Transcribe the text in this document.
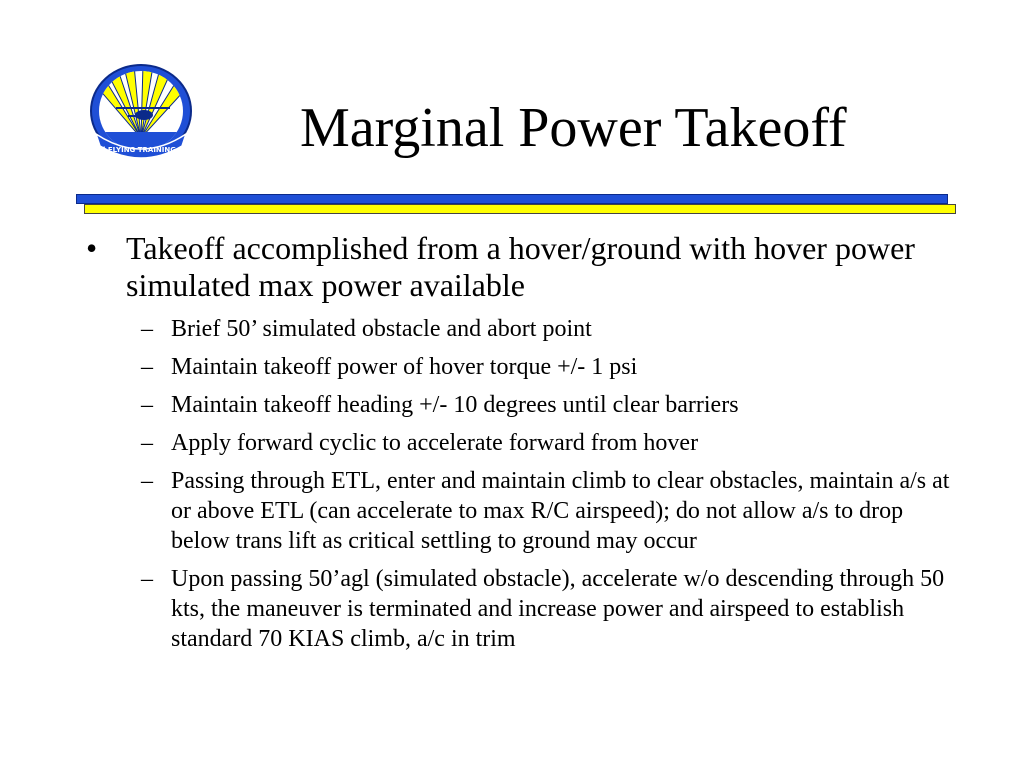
23d FLYING TRAINING FLT Marginal Power Takeoff
• Takeoff accomplished from a hover/ground with hover power simulated max power available
– Brief 50’ simulated obstacle and abort point
– Maintain takeoff power of hover torque +/- 1 psi
– Maintain takeoff heading +/- 10 degrees until clear barriers
– Apply forward cyclic to accelerate forward from hover
– Passing through ETL, enter and maintain climb to clear obstacles, maintain a/s at or above ETL (can accelerate to max R/C airspeed); do not allow a/s to drop below trans lift as critical settling to ground may occur
– Upon passing 50’agl (simulated obstacle), accelerate w/o descending through 50 kts, the maneuver is terminated and increase power and airspeed to establish standard 70 KIAS climb, a/c in trim
